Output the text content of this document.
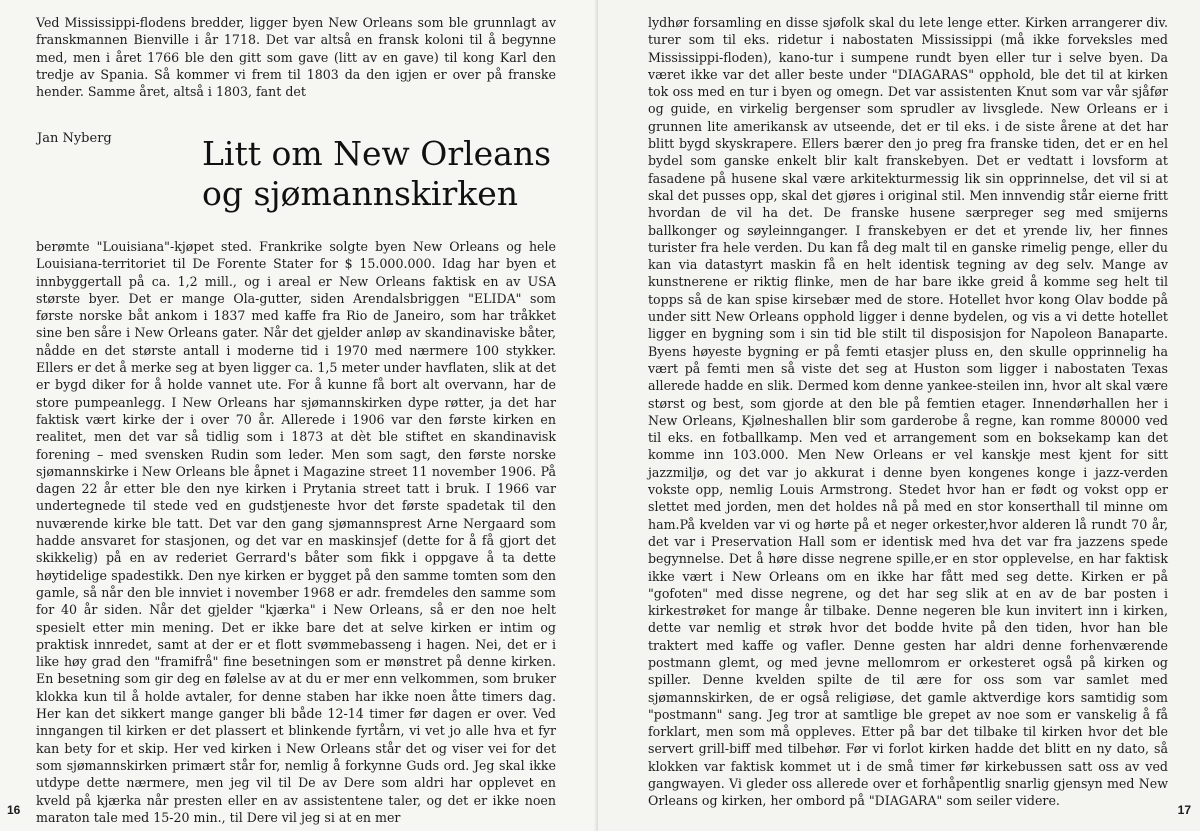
Ved Mississippi-flodens bredder, ligger byen New Orleans som ble grunnlagt av franskmannen Bienville i år 1718. Det var altså en fransk koloni til å begynne med, men i året 1766 ble den gitt som gave (litt av en gave) til kong Karl den tredje av Spania. Så kommer vi frem til 1803 da den igjen er over på franske hender. Samme året, altså i 1803, fant det

Jan Nyberg	Litt om New Orleans
og sjømannskirken

berømte "Louisiana"-kjøpet sted. Frankrike solgte byen New Orleans og hele Louisiana-territoriet til De Forente Stater for $ 15.000.000. Idag har byen et innbyggertall på ca. 1,2 mill., og i areal er New Orleans faktisk en av USA største byer. Det er mange Ola-gutter, siden Arendalsbriggen "ELIDA" som første norske båt ankom i 1837 med kaffe fra Rio de Janeiro, som har tråkket sine ben såre i New Orleans gater. Når det gjelder anløp av skandinaviske båter, nådde en det største antall i moderne tid i 1970 med nærmere 100 stykker. Ellers er det å merke seg at byen ligger ca. 1,5 meter under havflaten, slik at det er bygd diker for å holde vannet ute. For å kunne få bort alt overvann, har de store pumpeanlegg. I New Orleans har sjømannskirken dype røtter, ja det har faktisk vært kirke der i over 70 år. Allerede i 1906 var den første kirken en realitet, men det var så tidlig som i 1873 at dèt ble stiftet en skandinavisk forening – med svensken Rudin som leder. Men som sagt, den første norske sjømannskirke i New Orleans ble åpnet i Magazine street 11 november 1906. På dagen 22 år etter ble den nye kirken i Prytania street tatt i bruk. I 1966 var undertegnede til stede ved en gudstjeneste hvor det første spadetak til den nuværende kirke ble tatt. Det var den gang sjømannsprest Arne Nergaard som hadde ansvaret for stasjonen, og det var en maskinsjef (dette for å få gjort det skikkelig) på en av rederiet Gerrard's båter som fikk i oppgave å ta dette høytidelige spadestikk. Den nye kirken er bygget på den samme tomten som den gamle, så når den ble innviet i november 1968 er adr. fremdeles den samme som for 40 år siden. Når det gjelder "kjærka" i New Orleans, så er den noe helt spesielt etter min mening. Det er ikke bare det at selve kirken er intim og praktisk innredet, samt at der er et flott svømmebasseng i hagen. Nei, det er i like høy grad den "framifrå" fine besetningen som er mønstret på denne kirken. En besetning som gir deg en følelse av at du er mer enn velkommen, som bruker klokka kun til å holde avtaler, for denne staben har ikke noen åtte timers dag. Her kan det sikkert mange ganger bli både 12-14 timer før dagen er over. Ved inngangen til kirken er det plassert et blinkende fyrtårn, vi vet jo alle hva et fyr kan bety for et skip. Her ved kirken i New Orleans står det og viser vei for det som sjømannskirken primært står for, nemlig å forkynne Guds ord. Jeg skal ikke utdype dette nærmere, men jeg vil til De av Dere som aldri har opplevet en kveld på kjærka når presten eller en av assistentene taler, og det er ikke noen maraton tale med 15-20 min., til Dere vil jeg si at en mer

16

lydhør forsamling en disse sjøfolk skal du lete lenge etter. Kirken arrangerer div. turer som til eks. ridetur i nabostaten Mississippi (må ikke forveksles med Mississippi-floden), kano-tur i sumpene rundt byen eller tur i selve byen. Da været ikke var det aller beste under "DIAGARAS" opphold, ble det til at kirken tok oss med en tur i byen og omegn. Det var assistenten Knut som var vår sjåfør og guide, en virkelig bergenser som sprudler av livsglede. New Orleans er i grunnen lite amerikansk av utseende, det er til eks. i de siste årene at det har blitt bygd skyskrapere. Ellers bærer den jo preg fra franske tiden, det er en hel bydel som ganske enkelt blir kalt franskebyen. Det er vedtatt i lovsform at fasadene på husene skal være arkitekturmessig lik sin opprinnelse, det vil si at skal det pusses opp, skal det gjøres i original stil. Men innvendig står eierne fritt hvordan de vil ha det. De franske husene særpreger seg med smijerns ballkonger og søyleinnganger. I franskebyen er det et yrende liv, her finnes turister fra hele verden. Du kan få deg malt til en ganske rimelig penge, eller du kan via datastyrt maskin få en helt identisk tegning av deg selv. Mange av kunstnerene er riktig flinke, men de har bare ikke greid å komme seg helt til topps så de kan spise kirsebær med de store. Hotellet hvor kong Olav bodde på under sitt New Orleans opphold ligger i denne bydelen, og vis a vi dette hotellet ligger en bygning som i sin tid ble stilt til disposisjon for Napoleon Banaparte. Byens høyeste bygning er på femti etasjer pluss en, den skulle opprinnelig ha vært på femti men så viste det seg at Huston som ligger i nabostaten Texas allerede hadde en slik. Dermed kom denne yankee-steilen inn, hvor alt skal være størst og best, som gjorde at den ble på femtien etager. Innendørhallen her i New Orleans, Kjølneshallen blir som garderobe å regne, kan romme 80000 ved til eks. en fotballkamp. Men ved et arrangement som en boksekamp kan det komme inn 103.000. Men New Orleans er vel kanskje mest kjent for sitt jazzmiljø, og det var jo akkurat i denne byen kongenes konge i jazz-verden vokste opp, nemlig Louis Armstrong. Stedet hvor han er født og vokst opp er slettet med jorden, men det holdes nå på med en stor konserthall til minne om ham.På kvelden var vi og hørte på et neger orkester,hvor alderen lå rundt 70 år, det var i Preservation Hall som er identisk med hva det var fra jazzens spede begynnelse. Det å høre disse negrene spille,er en stor opplevelse, en har faktisk ikke vært i New Orleans om en ikke har fått med seg dette. Kirken er på "gofoten" med disse negrene, og det har seg slik at en av de bar posten i kirkestrøket for mange år tilbake. Denne negeren ble kun invitert inn i kirken, dette var nemlig et strøk hvor det bodde hvite på den tiden, hvor han ble traktert med kaffe og vafler. Denne gesten har aldri denne forhenværende postmann glemt, og med jevne mellomrom er orkesteret også på kirken og spiller. Denne kvelden spilte de til ære for oss som var samlet med sjømannskirken, de er også religiøse, det gamle aktverdige kors samtidig som "postmann" sang. Jeg tror at samtlige ble grepet av noe som er vanskelig å få forklart, men som må oppleves. Etter på bar det tilbake til kirken hvor det ble servert grill-biff med tilbehør. Før vi forlot kirken hadde det blitt en ny dato, så klokken var faktisk kommet ut i de små timer før kirkebussen satt oss av ved gangwayen. Vi gleder oss allerede over et forhåpentlig snarlig gjensyn med New Orleans og kirken, her ombord på "DIAGARA" som seiler videre.

17
